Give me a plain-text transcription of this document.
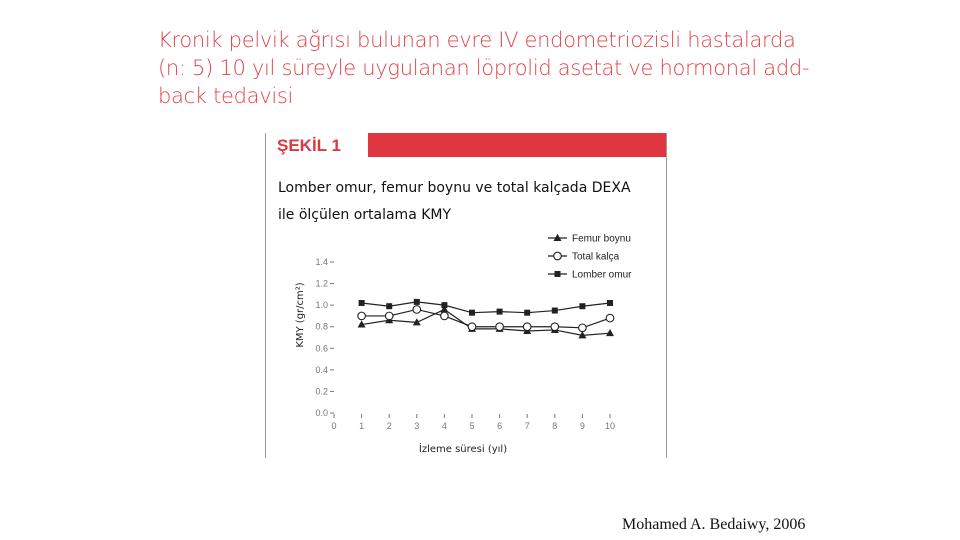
Kronik pelvik ağrısı bulunan evre IV endometriozisli hastalarda
(n: 5) 10 yıl süreyle uygulanan löprolid asetat ve hormonal add-
back tedavisi
ŞEKİL 1
Lomber omur, femur boynu ve total kalçada DEXA
ile ölçülen ortalama KMY
0.0
0.2
0.4
0.6
0.8
1.0
1.2
1.4
0	1	2	3	4	5	6	7	8	9 10
İzleme süresi (yıl)
KMY (gr/cm²)
Femur boynu
Total kalça
Lomber omur
Mohamed A. Bedaiwy, 2006
